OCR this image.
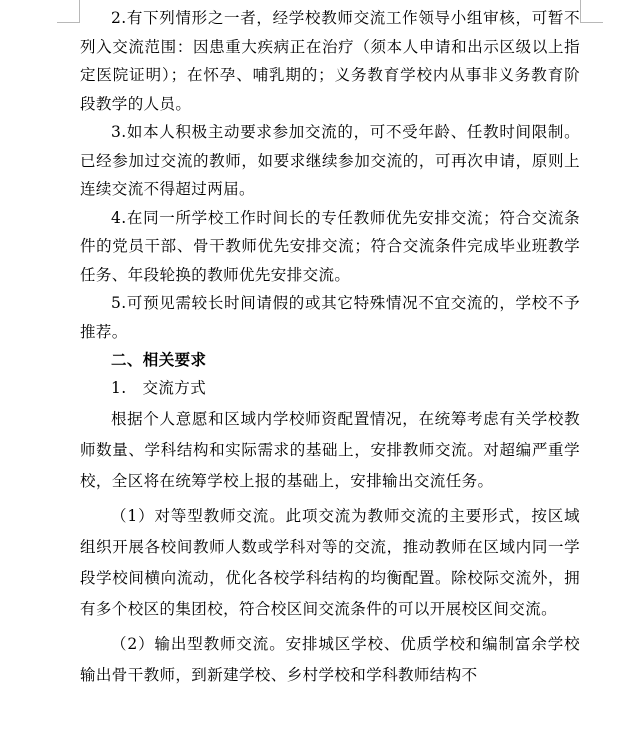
2.有下列情形之一者，经学校教师交流工作领导小组审核，可暂不列入交流范围：因患重大疾病正在治疗（须本人申请和出示区级以上指定医院证明）；在怀孕、哺乳期的；义务教育学校内从事非义务教育阶段教学的人员。

3.如本人积极主动要求参加交流的，可不受年龄、任教时间限制。已经参加过交流的教师，如要求继续参加交流的，可再次申请，原则上连续交流不得超过两届。

4.在同一所学校工作时间长的专任教师优先安排交流；符合交流条件的党员干部、骨干教师优先安排交流；符合交流条件完成毕业班教学任务、年段轮换的教师优先安排交流。

5.可预见需较长时间请假的或其它特殊情况不宜交流的，学校不予推荐。

二、相关要求

1.　交流方式

根据个人意愿和区域内学校师资配置情况，在统筹考虑有关学校教师数量、学科结构和实际需求的基础上，安排教师交流。对超编严重学校，全区将在统筹学校上报的基础上，安排输出交流任务。

（1）对等型教师交流。此项交流为教师交流的主要形式，按区域组织开展各校间教师人数或学科对等的交流，推动教师在区域内同一学段学校间横向流动，优化各校学科结构的均衡配置。除校际交流外，拥有多个校区的集团校，符合校区间交流条件的可以开展校区间交流。

（2）输出型教师交流。安排城区学校、优质学校和编制富余学校输出骨干教师，到新建学校、乡村学校和学科教师结构不
